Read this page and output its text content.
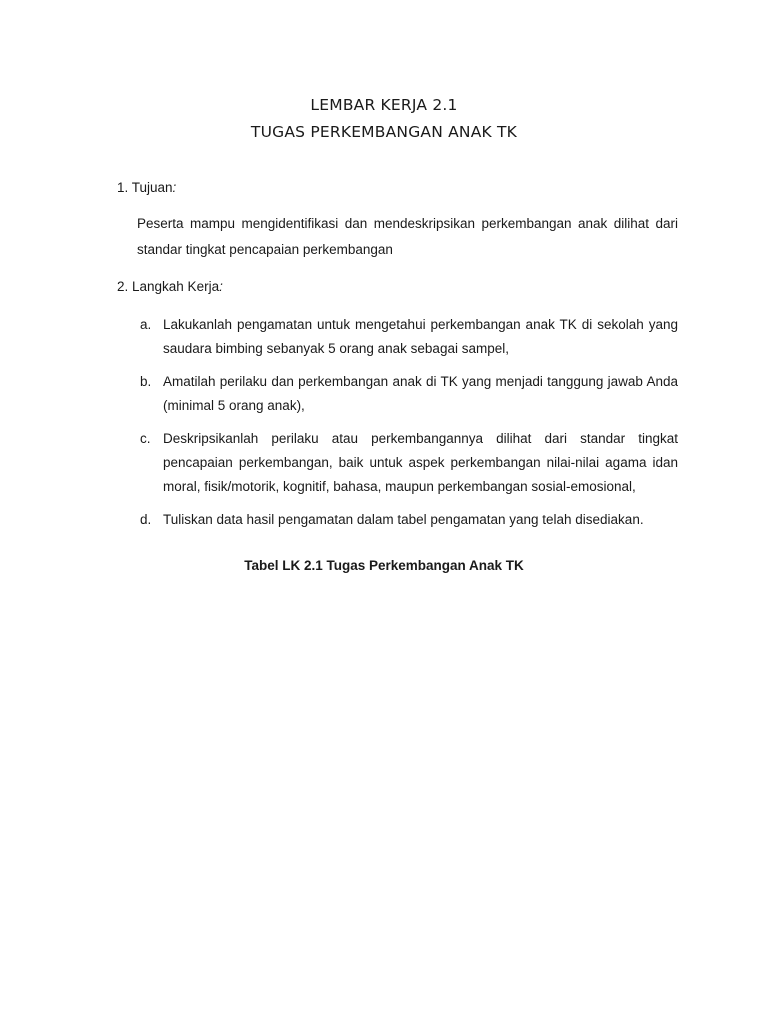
LEMBAR KERJA 2.1
TUGAS PERKEMBANGAN ANAK TK
1. Tujuan:
Peserta mampu mengidentifikasi dan mendeskripsikan perkembangan anak dilihat dari standar tingkat pencapaian perkembangan
2. Langkah Kerja:
a. Lakukanlah pengamatan untuk mengetahui perkembangan anak TK di sekolah yang saudara bimbing sebanyak 5 orang anak sebagai sampel,
b. Amatilah perilaku dan perkembangan anak di TK yang menjadi tanggung jawab Anda (minimal 5 orang anak),
c. Deskripsikanlah perilaku atau perkembangannya dilihat dari standar tingkat pencapaian perkembangan, baik untuk aspek perkembangan nilai-nilai agama idan moral, fisik/motorik, kognitif, bahasa, maupun perkembangan sosial-emosional,
d. Tuliskan data hasil pengamatan dalam tabel pengamatan yang telah disediakan.
Tabel LK 2.1 Tugas Perkembangan Anak TK
